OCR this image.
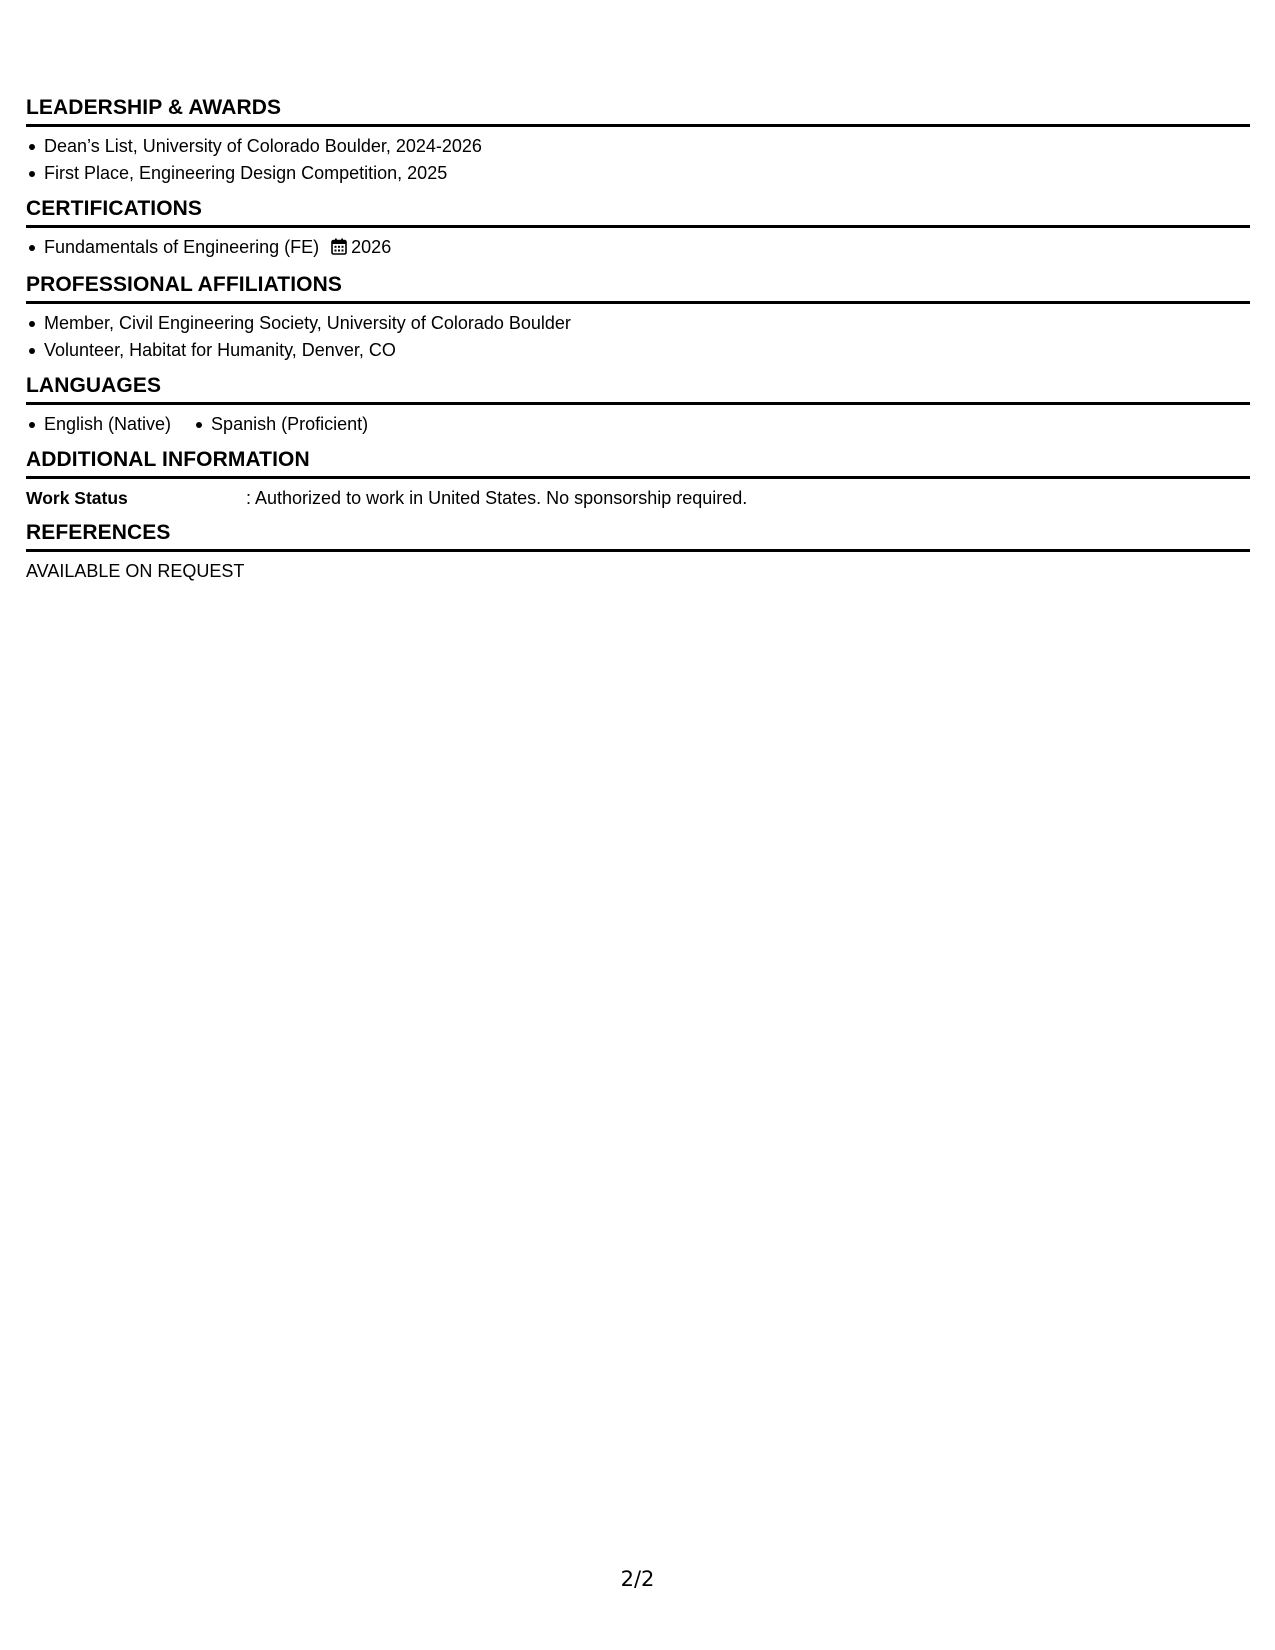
LEADERSHIP & AWARDS
Dean’s List, University of Colorado Boulder, 2024-2026
First Place, Engineering Design Competition, 2025
CERTIFICATIONS
Fundamentals of Engineering (FE) 2026
PROFESSIONAL AFFILIATIONS
Member, Civil Engineering Society, University of Colorado Boulder
Volunteer, Habitat for Humanity, Denver, CO
LANGUAGES
English (Native)	Spanish (Proficient)
ADDITIONAL INFORMATION
Work Status	: Authorized to work in United States. No sponsorship required.
REFERENCES
AVAILABLE ON REQUEST
2/2
